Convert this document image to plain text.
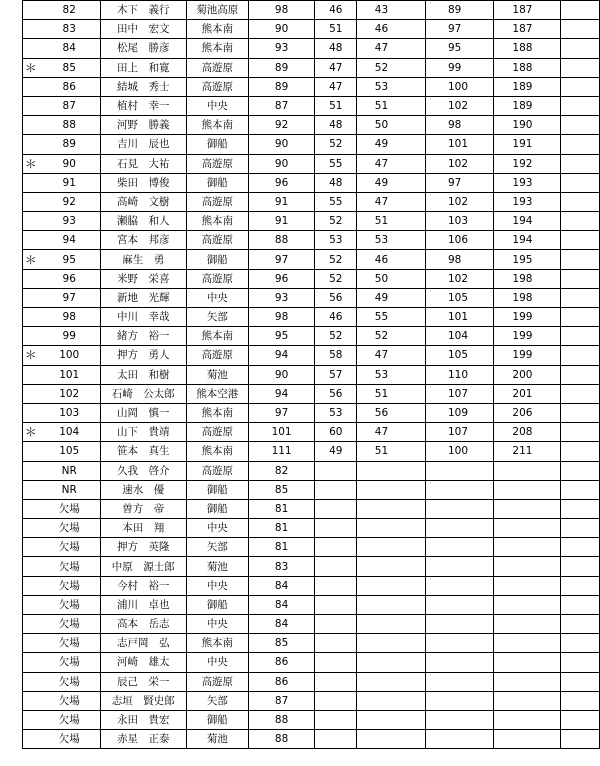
	82	木下　義行	菊池高原	98	46	43	89	187	
	83	田中　宏文	熊本南	90	51	46	97	187	
	84	松尾　勝彦	熊本南	93	48	47	95	188	
＊	85	田上　和寛	高遊原	89	47	52	99	188	
	86	結城　秀士	高遊原	89	47	53	100	189	
	87	植村　幸一	中央	87	51	51	102	189	
	88	河野　勝義	熊本南	92	48	50	98	190	
	89	吉川　辰也	御船	90	52	49	101	191	
＊	90	石見　大祐	高遊原	90	55	47	102	192	
	91	柴田　博俊	御船	96	48	49	97	193	
	92	高崎　文樹	高遊原	91	55	47	102	193	
	93	瀬脇　和人	熊本南	91	52	51	103	194	
	94	宮本　邦彦	高遊原	88	53	53	106	194	
＊	95	麻生　勇	御船	97	52	46	98	195	
	96	米野　栄喜	高遊原	96	52	50	102	198	
	97	新地　光輝	中央	93	56	49	105	198	
	98	中川　幸哉	矢部	98	46	55	101	199	
	99	緒方　裕一	熊本南	95	52	52	104	199	
＊	100	押方　勇人	高遊原	94	58	47	105	199	
	101	太田　和樹	菊池	90	57	53	110	200	
	102	石崎　公太郎	熊本空港	94	56	51	107	201	
	103	山岡　慎一	熊本南	97	53	56	109	206	
＊	104	山下　貴靖	高遊原	101	60	47	107	208	
	105	笹本　真生	熊本南	111	49	51	100	211	
	NR	久我　啓介	高遊原	82					
	NR	速水　優	御船	85					
	欠場	曽方　帝	御船	81					
	欠場	本田　翔	中央	81					
	欠場	押方　英隆	矢部	81					
	欠場	中原　源士郎	菊池	83					
	欠場	今村　裕一	中央	84					
	欠場	浦川　卓也	御船	84					
	欠場	高本　岳志	中央	84					
	欠場	志戸岡　弘	熊本南	85					
	欠場	河崎　雄太	中央	86					
	欠場	辰己　栄一	高遊原	86					
	欠場	志垣　賢史郎	矢部	87					
	欠場	永田　貴宏	御船	88					
	欠場	赤星　正泰	菊池	88					
